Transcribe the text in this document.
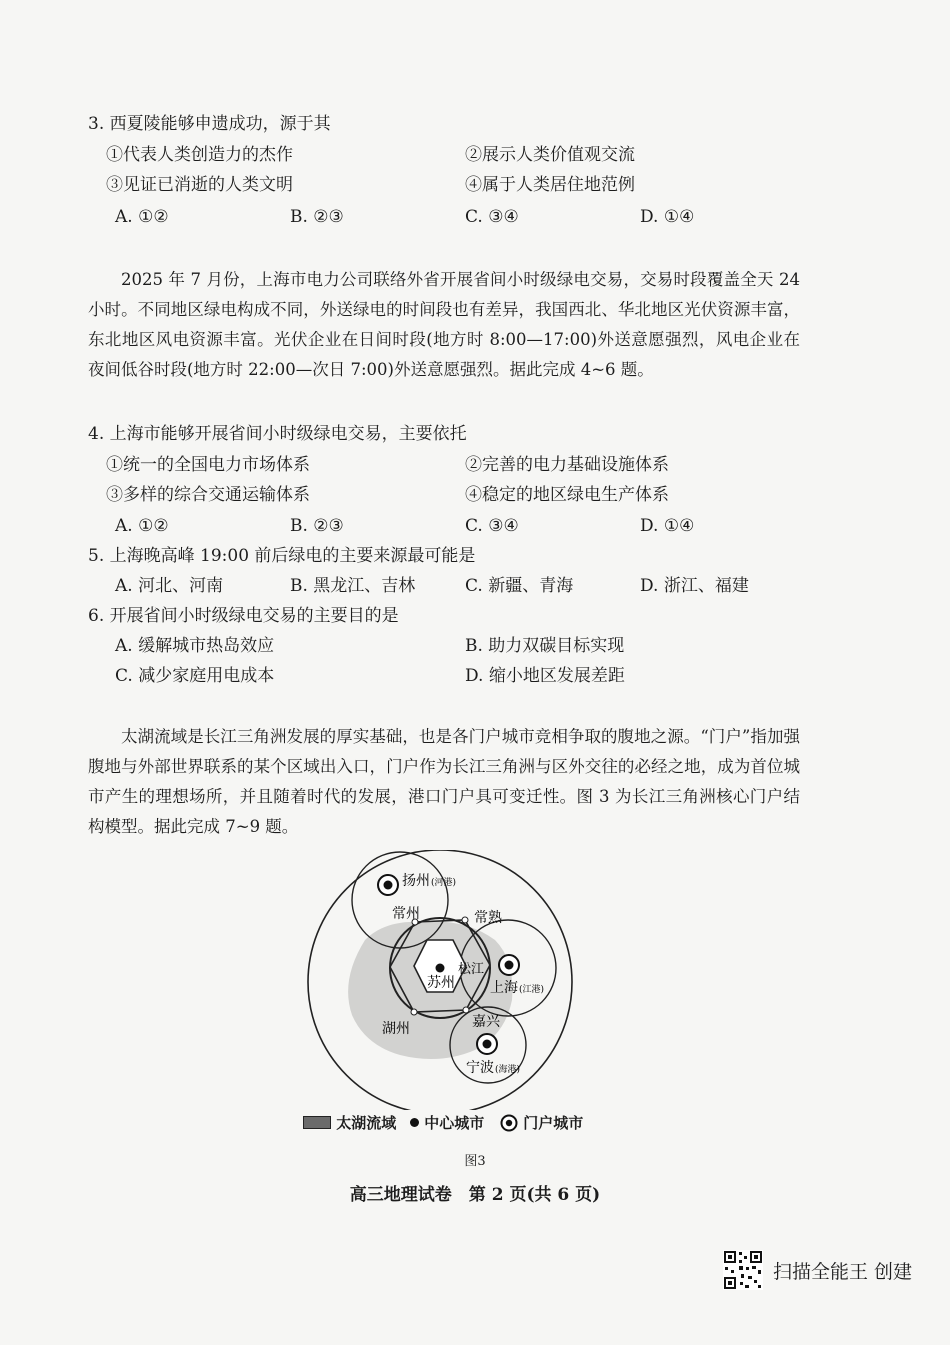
3. 西夏陵能够申遗成功，源于其
①代表人类创造力的杰作	②展示人类价值观交流
③见证已消逝的人类文明	④属于人类居住地范例
A. ①②	B. ②③	C. ③④	D. ①④
2025 年 7 月份，上海市电力公司联络外省开展省间小时级绿电交易，交易时段覆盖全天 24 小时。不同地区绿电构成不同，外送绿电的时间段也有差异，我国西北、华北地区光伏资源丰富，东北地区风电资源丰富。光伏企业在日间时段(地方时 8:00—17:00)外送意愿强烈，风电企业在夜间低谷时段(地方时 22:00—次日 7:00)外送意愿强烈。据此完成 4~6 题。
4. 上海市能够开展省间小时级绿电交易，主要依托
①统一的全国电力市场体系	②完善的电力基础设施体系
③多样的综合交通运输体系	④稳定的地区绿电生产体系
A. ①②	B. ②③	C. ③④	D. ①④
5. 上海晚高峰 19:00 前后绿电的主要来源最可能是
A. 河北、河南	B. 黑龙江、吉林	C. 新疆、青海	D. 浙江、福建
6. 开展省间小时级绿电交易的主要目的是
A. 缓解城市热岛效应	B. 助力双碳目标实现
C. 减少家庭用电成本	D. 缩小地区发展差距
太湖流域是长江三角洲发展的厚实基础，也是各门户城市竞相争取的腹地之源。“门户”指加强腹地与外部世界联系的某个区域出入口，门户作为长江三角洲与区外交往的必经之地，成为首位城市产生的理想场所，并且随着时代的发展，港口门户具可变迁性。图 3 为长江三角洲核心门户结构模型。据此完成 7~9 题。
扬州 (河港)
常州	常熟
苏州
松江
上海 (江港)
湖州	嘉兴
宁波 (海港)
太湖流域	中心城市	门户城市
图3
高三地理试卷　第 2 页(共 6 页)
扫描全能王 创建
